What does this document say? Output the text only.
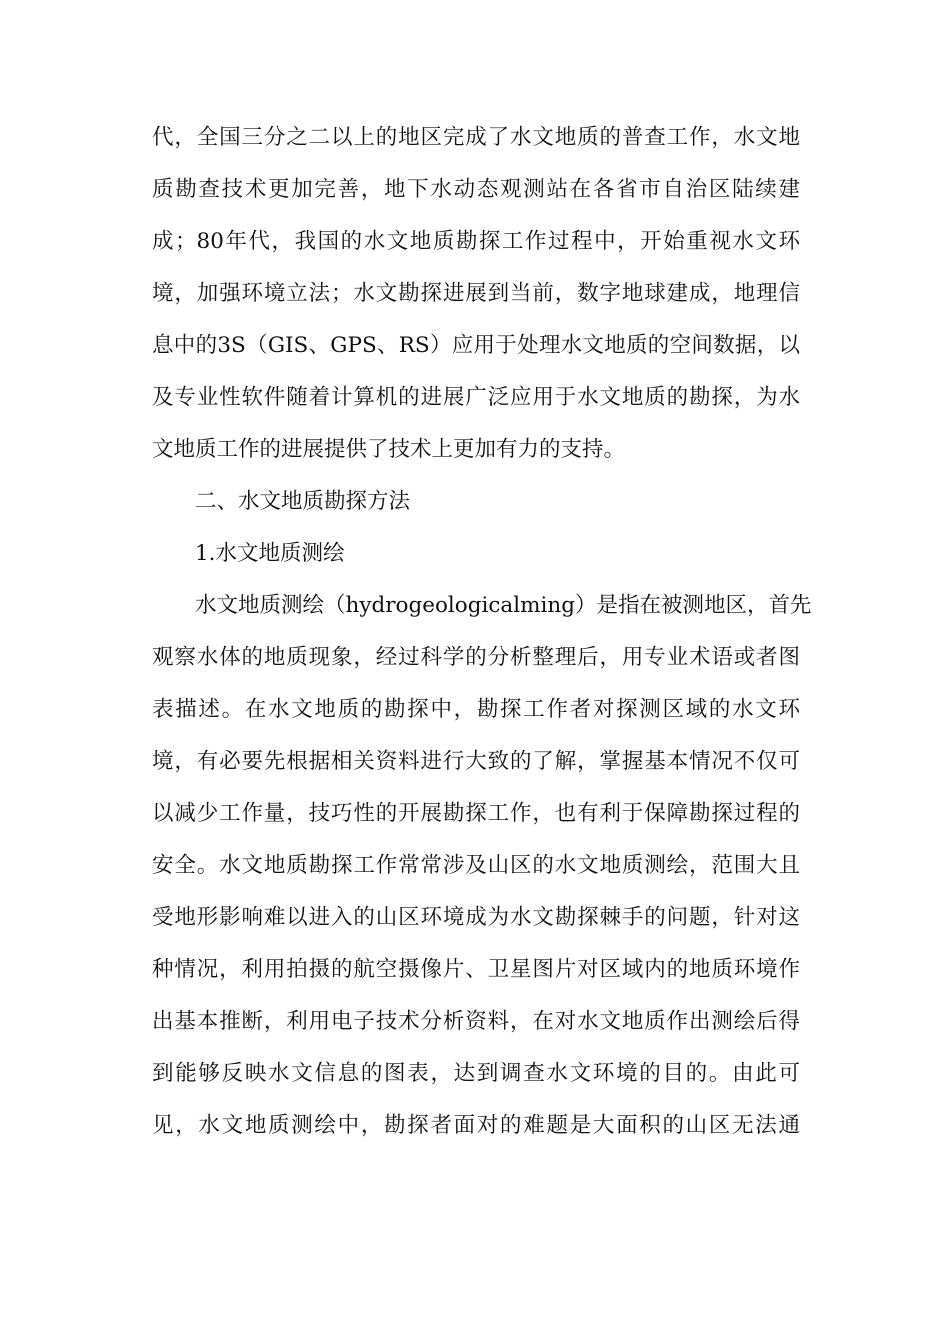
代，全国三分之二以上的地区完成了水文地质的普查工作，水文地
质勘查技术更加完善，地下水动态观测站在各省市自治区陆续建
成；80年代，我国的水文地质勘探工作过程中，开始重视水文环
境，加强环境立法；水文勘探进展到当前，数字地球建成，地理信
息中的3S（GIS、GPS、RS）应用于处理水文地质的空间数据，以
及专业性软件随着计算机的进展广泛应用于水文地质的勘探，为水
文地质工作的进展提供了技术上更加有力的支持。
二、水文地质勘探方法
1.水文地质测绘
水文地质测绘（hydrogeologicalming）是指在被测地区，首先
观察水体的地质现象，经过科学的分析整理后，用专业术语或者图
表描述。在水文地质的勘探中，勘探工作者对探测区域的水文环
境，有必要先根据相关资料进行大致的了解，掌握基本情况不仅可
以减少工作量，技巧性的开展勘探工作，也有利于保障勘探过程的
安全。水文地质勘探工作常常涉及山区的水文地质测绘，范围大且
受地形影响难以进入的山区环境成为水文勘探棘手的问题，针对这
种情况，利用拍摄的航空摄像片、卫星图片对区域内的地质环境作
出基本推断，利用电子技术分析资料，在对水文地质作出测绘后得
到能够反映水文信息的图表，达到调查水文环境的目的。由此可
见，水文地质测绘中，勘探者面对的难题是大面积的山区无法通
